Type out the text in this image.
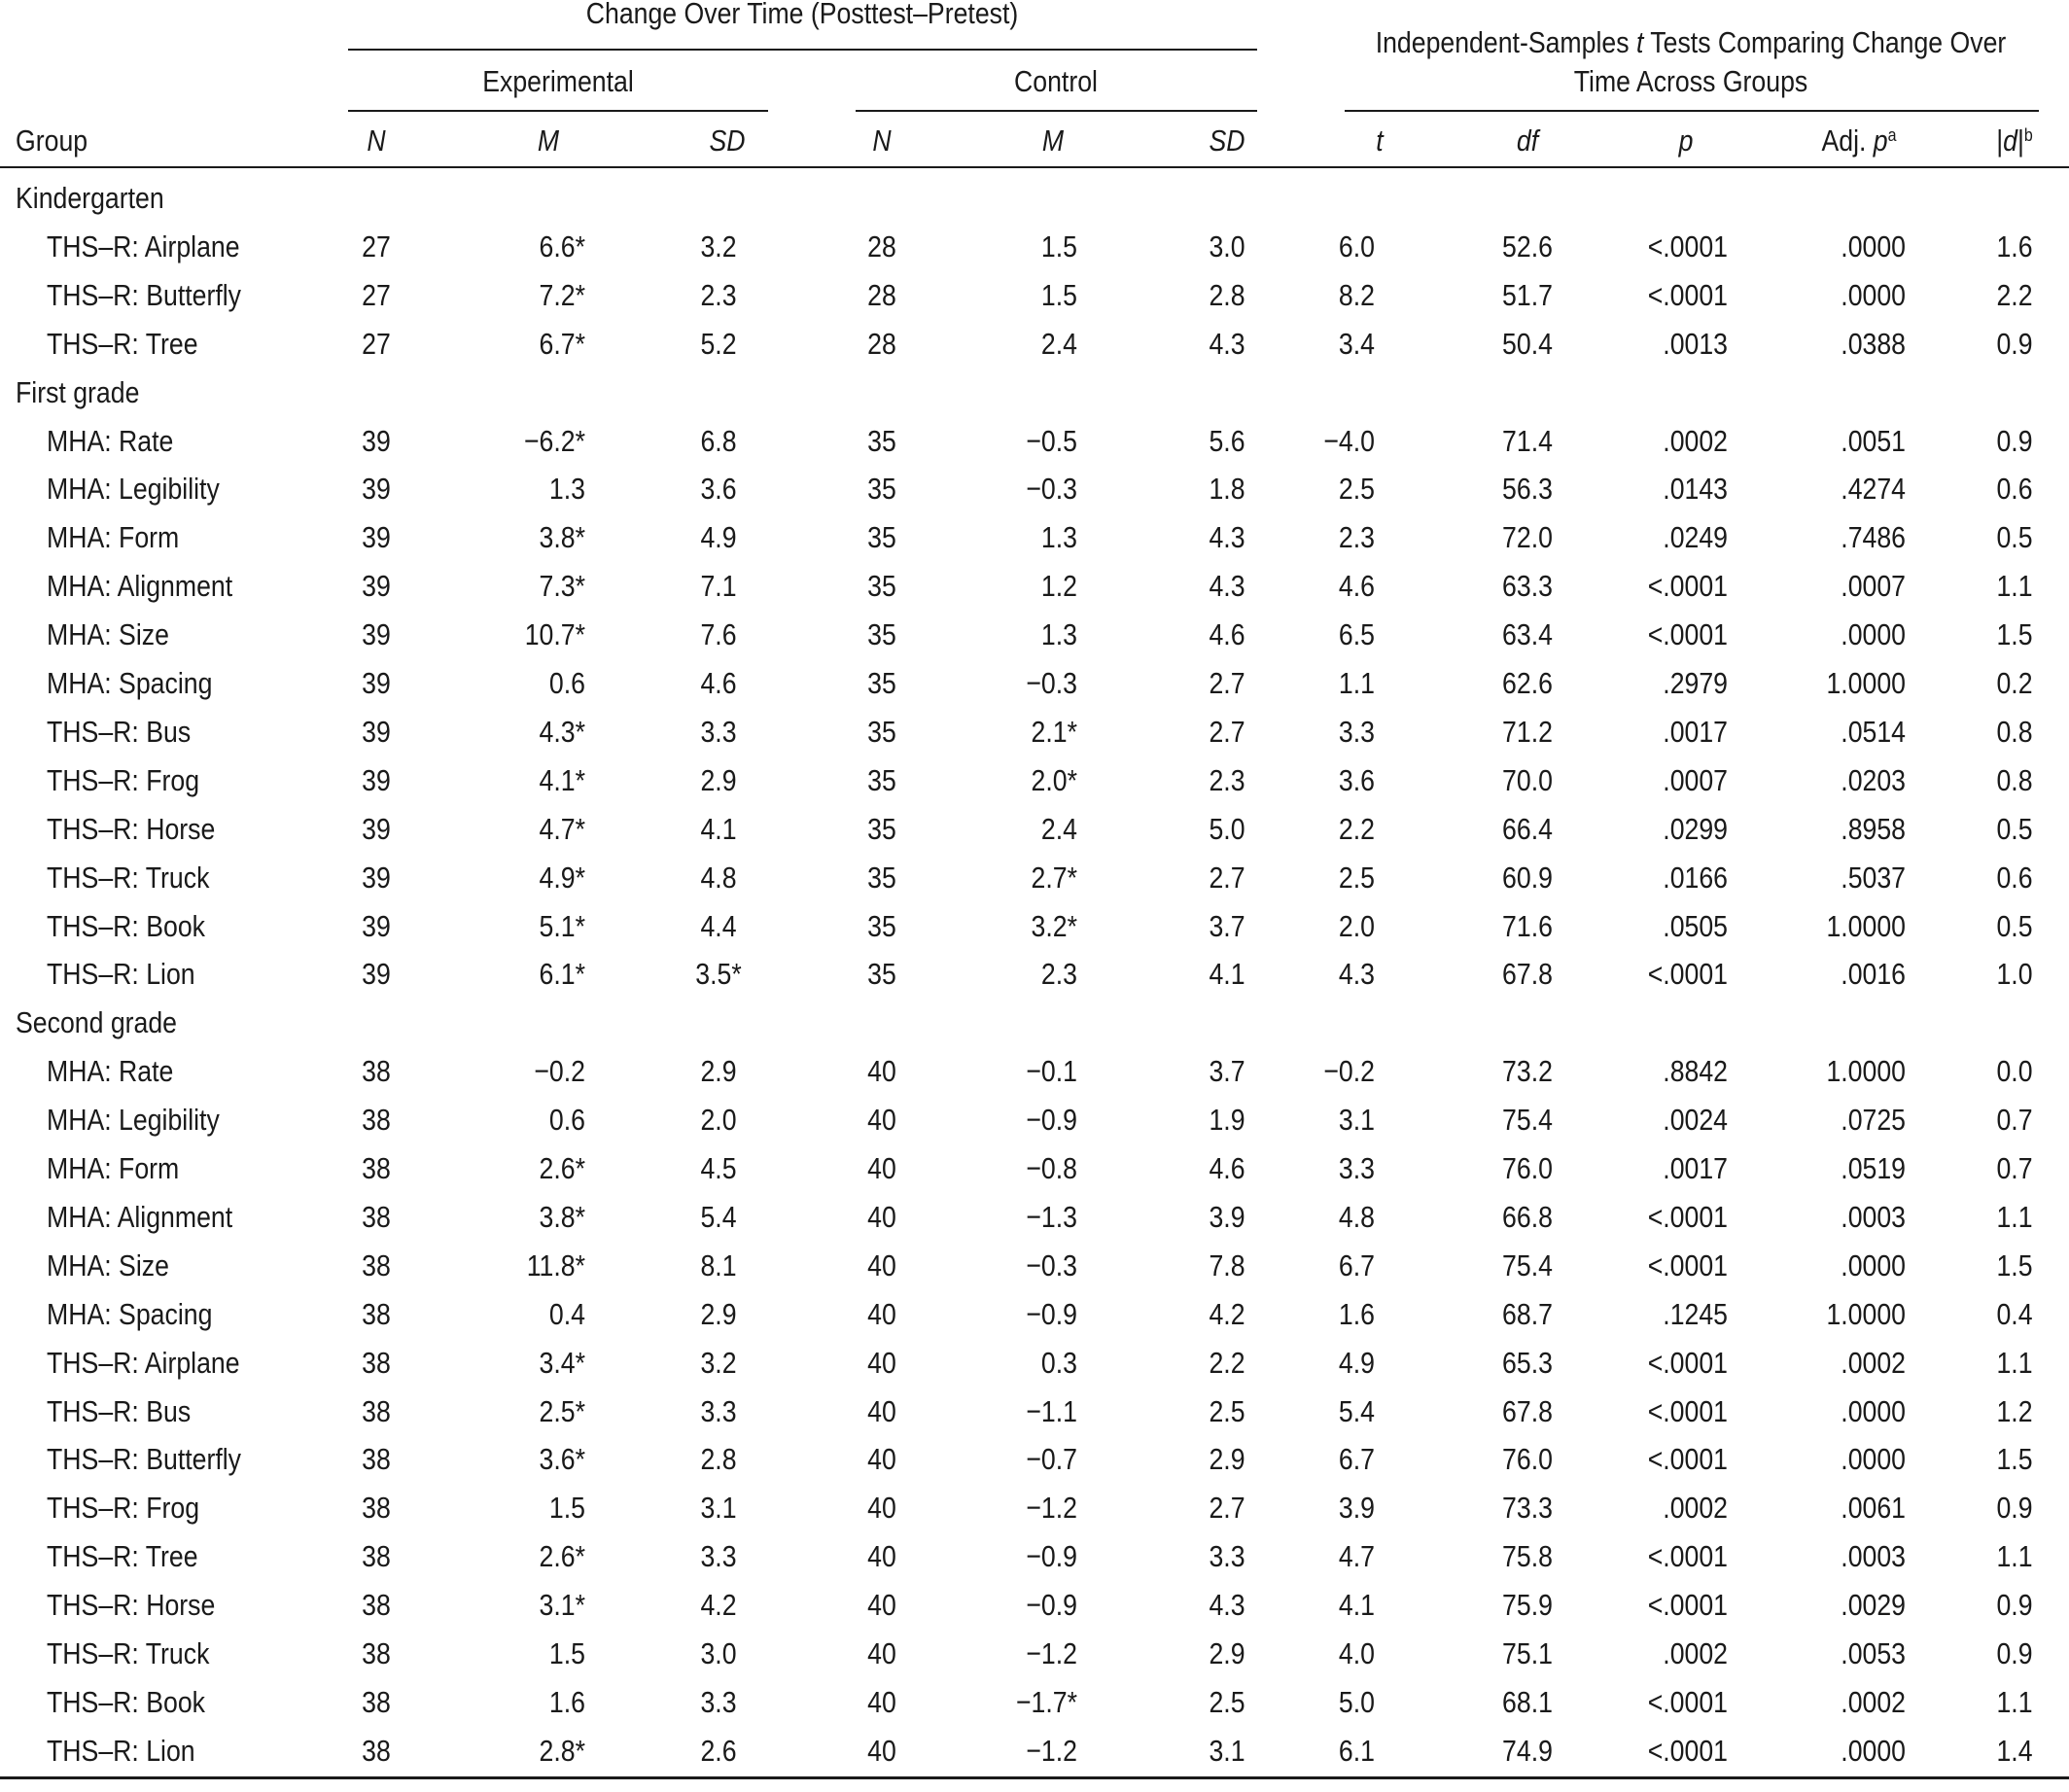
Change Over Time (Posttest–Pretest)
Independent-Samples t Tests Comparing Change Over
Time Across Groups
Experimental	Control
Group	N	M	SD	N	M	SD	t	df	p	Adj. $p^a$	$|d|^b$
Kindergarten
THS–R: Airplane	27	6.6*	3.2	28	1.5	3.0	6.0	52.6	<.0001	.0000	1.6
THS–R: Butterfly	27	7.2*	2.3	28	1.5	2.8	8.2	51.7	<.0001	.0000	2.2
THS–R: Tree	27	6.7*	5.2	28	2.4	4.3	3.4	50.4	.0013	.0388	0.9
First grade
MHA: Rate	39	−6.2*	6.8	35	−0.5	5.6	−4.0	71.4	.0002	.0051	0.9
MHA: Legibility	39	1.3	3.6	35	−0.3	1.8	2.5	56.3	.0143	.4274	0.6
MHA: Form	39	3.8*	4.9	35	1.3	4.3	2.3	72.0	.0249	.7486	0.5
MHA: Alignment	39	7.3*	7.1	35	1.2	4.3	4.6	63.3	<.0001	.0007	1.1
MHA: Size	39	10.7*	7.6	35	1.3	4.6	6.5	63.4	<.0001	.0000	1.5
MHA: Spacing	39	0.6	4.6	35	−0.3	2.7	1.1	62.6	.2979	1.0000	0.2
THS–R: Bus	39	4.3*	3.3	35	2.1*	2.7	3.3	71.2	.0017	.0514	0.8
THS–R: Frog	39	4.1*	2.9	35	2.0*	2.3	3.6	70.0	.0007	.0203	0.8
THS–R: Horse	39	4.7*	4.1	35	2.4	5.0	2.2	66.4	.0299	.8958	0.5
THS–R: Truck	39	4.9*	4.8	35	2.7*	2.7	2.5	60.9	.0166	.5037	0.6
THS–R: Book	39	5.1*	4.4	35	3.2*	3.7	2.0	71.6	.0505	1.0000	0.5
THS–R: Lion	39	6.1*	3.5*	35	2.3	4.1	4.3	67.8	<.0001	.0016	1.0
Second grade
MHA: Rate	38	−0.2	2.9	40	−0.1	3.7	−0.2	73.2	.8842	1.0000	0.0
MHA: Legibility	38	0.6	2.0	40	−0.9	1.9	3.1	75.4	.0024	.0725	0.7
MHA: Form	38	2.6*	4.5	40	−0.8	4.6	3.3	76.0	.0017	.0519	0.7
MHA: Alignment	38	3.8*	5.4	40	−1.3	3.9	4.8	66.8	<.0001	.0003	1.1
MHA: Size	38	11.8*	8.1	40	−0.3	7.8	6.7	75.4	<.0001	.0000	1.5
MHA: Spacing	38	0.4	2.9	40	−0.9	4.2	1.6	68.7	.1245	1.0000	0.4
THS–R: Airplane	38	3.4*	3.2	40	0.3	2.2	4.9	65.3	<.0001	.0002	1.1
THS–R: Bus	38	2.5*	3.3	40	−1.1	2.5	5.4	67.8	<.0001	.0000	1.2
THS–R: Butterfly	38	3.6*	2.8	40	−0.7	2.9	6.7	76.0	<.0001	.0000	1.5
THS–R: Frog	38	1.5	3.1	40	−1.2	2.7	3.9	73.3	.0002	.0061	0.9
THS–R: Tree	38	2.6*	3.3	40	−0.9	3.3	4.7	75.8	<.0001	.0003	1.1
THS–R: Horse	38	3.1*	4.2	40	−0.9	4.3	4.1	75.9	<.0001	.0029	0.9
THS–R: Truck	38	1.5	3.0	40	−1.2	2.9	4.0	75.1	.0002	.0053	0.9
THS–R: Book	38	1.6	3.3	40	−1.7*	2.5	5.0	68.1	<.0001	.0002	1.1
THS–R: Lion	38	2.8*	2.6	40	−1.2	3.1	6.1	74.9	<.0001	.0000	1.4
